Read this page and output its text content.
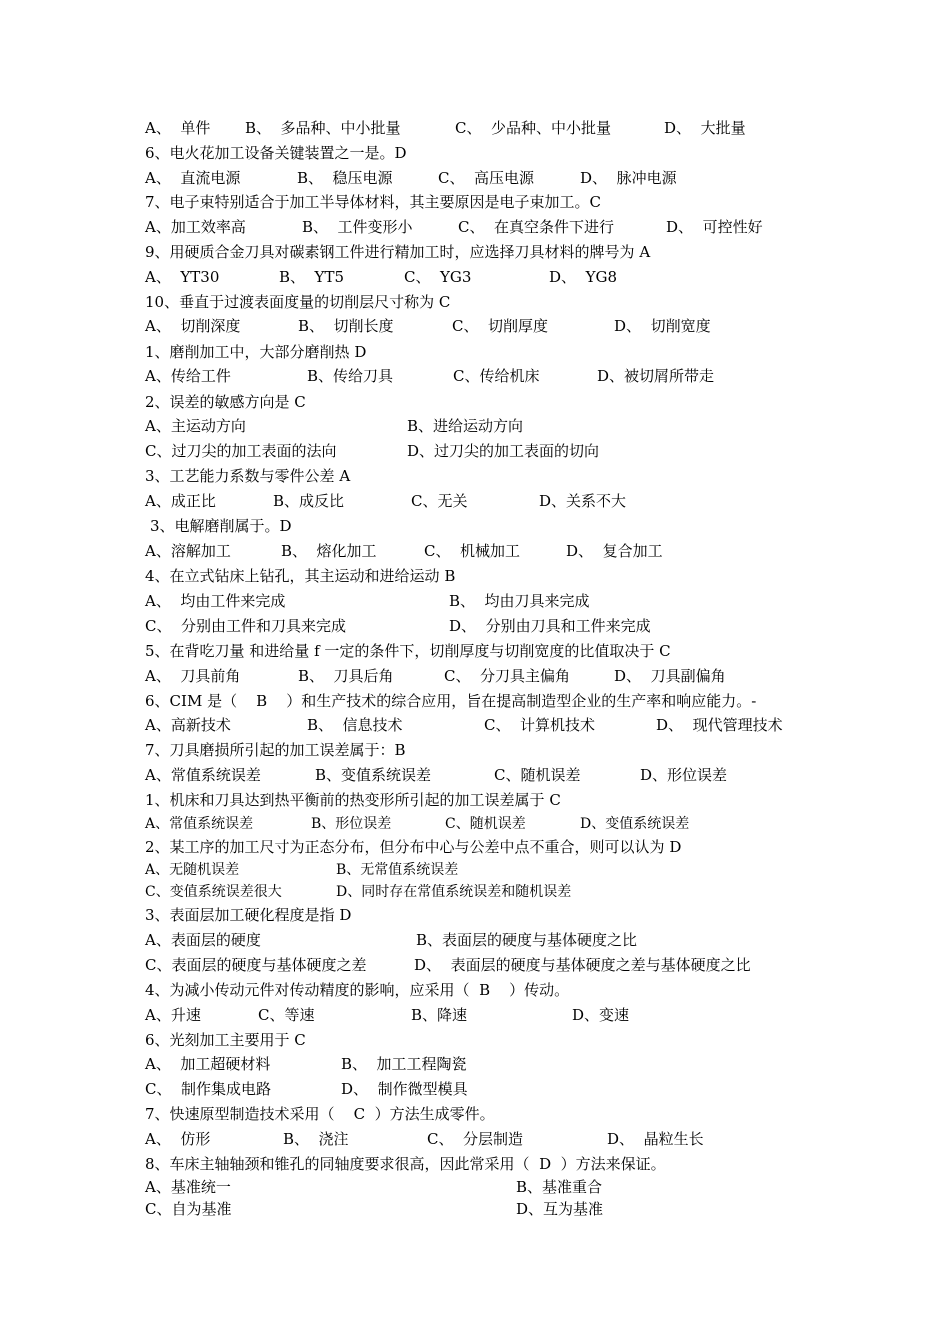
A、  单件 B、  多品种、中小批量	C、  少品种、中小批量	D、  大批量
6、电火花加工设备关键装置之一是。D
A、  直流电源	B、  稳压电源	C、  高压电源	D、  脉冲电源
7、电子束特别适合于加工半导体材料，其主要原因是电子束加工。C
A、加工效率高	B、  工件变形小	C、  在真空条件下进行	D、  可控性好
9、用硬质合金刀具对碳素钢工件进行精加工时，应选择刀具材料的牌号为 A
A、  YT30	B、  YT5	C、  YG3	D、  YG8
10、垂直于过渡表面度量的切削层尺寸称为 C
A、  切削深度	B、  切削长度	C、  切削厚度	D、  切削宽度
1、磨削加工中，大部分磨削热 D
A、传给工件	B、传给刀具	C、传给机床	D、被切屑所带走
2、误差的敏感方向是 C
A、主运动方向	B、进给运动方向
C、过刀尖的加工表面的法向	D、过刀尖的加工表面的切向
3、工艺能力系数与零件公差 A
A、成正比	B、成反比	C、无关	D、关系不大
3、电解磨削属于。D
A、溶解加工	B、  熔化加工	C、  机械加工	D、  复合加工
4、在立式钻床上钻孔，其主运动和进给运动 B
A、  均由工件来完成	B、  均由刀具来完成
C、  分别由工件和刀具来完成	D、  分别由刀具和工件来完成
5、在背吃刀量 和进给量 f 一定的条件下，切削厚度与切削宽度的比值取决于 C
A、  刀具前角	B、  刀具后角	C、  分刀具主偏角	D、  刀具副偏角
6、CIM 是（    B    ）和生产技术的综合应用，旨在提高制造型企业的生产率和响应能力。-
A、高新技术	B、  信息技术	C、  计算机技术	D、  现代管理技术
7、刀具磨损所引起的加工误差属于：B
A、常值系统误差	B、变值系统误差	C、随机误差	D、形位误差
1、机床和刀具达到热平衡前的热变形所引起的加工误差属于 C
A、常值系统误差	B、形位误差	C、随机误差	D、变值系统误差
2、某工序的加工尺寸为正态分布，但分布中心与公差中点不重合，则可以认为 D
A、无随机误差	B、无常值系统误差
C、变值系统误差很大	D、同时存在常值系统误差和随机误差
3、表面层加工硬化程度是指 D
A、表面层的硬度	B、表面层的硬度与基体硬度之比
C、表面层的硬度与基体硬度之差	D、  表面层的硬度与基体硬度之差与基体硬度之比
4、为减小传动元件对传动精度的影响，应采用（  B    ）传动。
A、升速	C、等速	B、降速	D、变速
6、光刻加工主要用于 C
A、  加工超硬材料	B、  加工工程陶瓷
C、  制作集成电路	D、  制作微型模具
7、快速原型制造技术采用（    C  ）方法生成零件。
A、  仿形	B、  浇注	C、  分层制造	D、  晶粒生长
8、车床主轴轴颈和锥孔的同轴度要求很高，因此常采用（  D  ）方法来保证。
A、基准统一	B、基准重合
C、自为基准	D、互为基准
